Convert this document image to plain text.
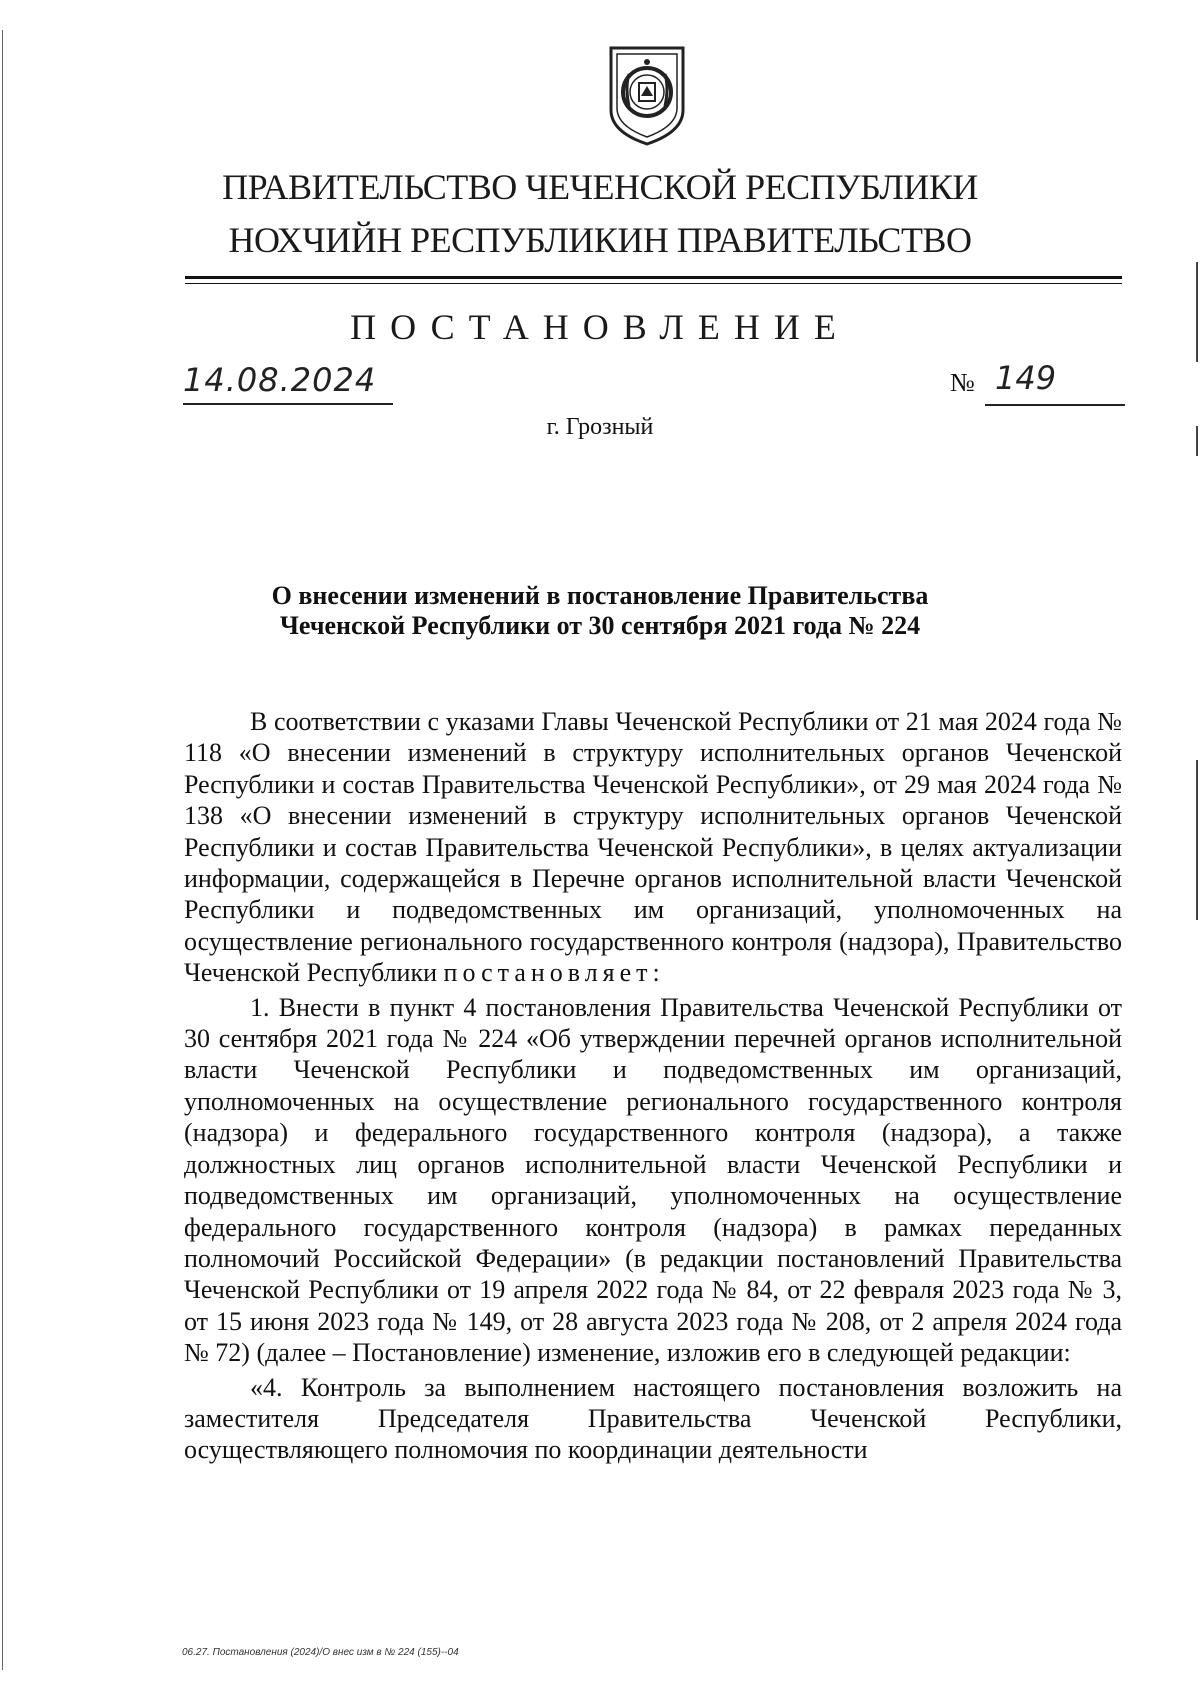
ПРАВИТЕЛЬСТВО ЧЕЧЕНСКОЙ РЕСПУБЛИКИ
НОХЧИЙН РЕСПУБЛИКИН ПРАВИТЕЛЬСТВО
ПОСТАНОВЛЕНИЕ
14.08.2024	№ 149
г. Грозный
О внесении изменений в постановление Правительства
Чеченской Республики от 30 сентября 2021 года № 224

В соответствии с указами Главы Чеченской Республики от 21 мая 2024 года № 118 «О внесении изменений в структуру исполнительных органов Чеченской Республики и состав Правительства Чеченской Республики», от 29 мая 2024 года № 138 «О внесении изменений в структуру исполнительных органов Чеченской Республики и состав Правительства Чеченской Республики», в целях актуализации информации, содержащейся в Перечне органов исполнительной власти Чеченской Республики и подведомственных им организаций, уполномоченных на осуществление регионального государственного контроля (надзора), Правительство Чеченской Республики постановляет:

1. Внести в пункт 4 постановления Правительства Чеченской Республики от 30 сентября 2021 года № 224 «Об утверждении перечней органов исполнительной власти Чеченской Республики и подведомственных им организаций, уполномоченных на осуществление регионального государственного контроля (надзора) и федерального государственного контроля (надзора), а также должностных лиц органов исполнительной власти Чеченской Республики и подведомственных им организаций, уполномоченных на осуществление федерального государственного контроля (надзора) в рамках переданных полномочий Российской Федерации» (в редакции постановлений Правительства Чеченской Республики от 19 апреля 2022 года № 84, от 22 февраля 2023 года № 3, от 15 июня 2023 года № 149, от 28 августа 2023 года № 208, от 2 апреля 2024 года № 72) (далее – Постановление) изменение, изложив его в следующей редакции:

«4. Контроль за выполнением настоящего постановления возложить на заместителя Председателя Правительства Чеченской Республики, осуществляющего полномочия по координации деятельности

06.27. Постановления (2024)/О внес изм в № 224 (155)--04
